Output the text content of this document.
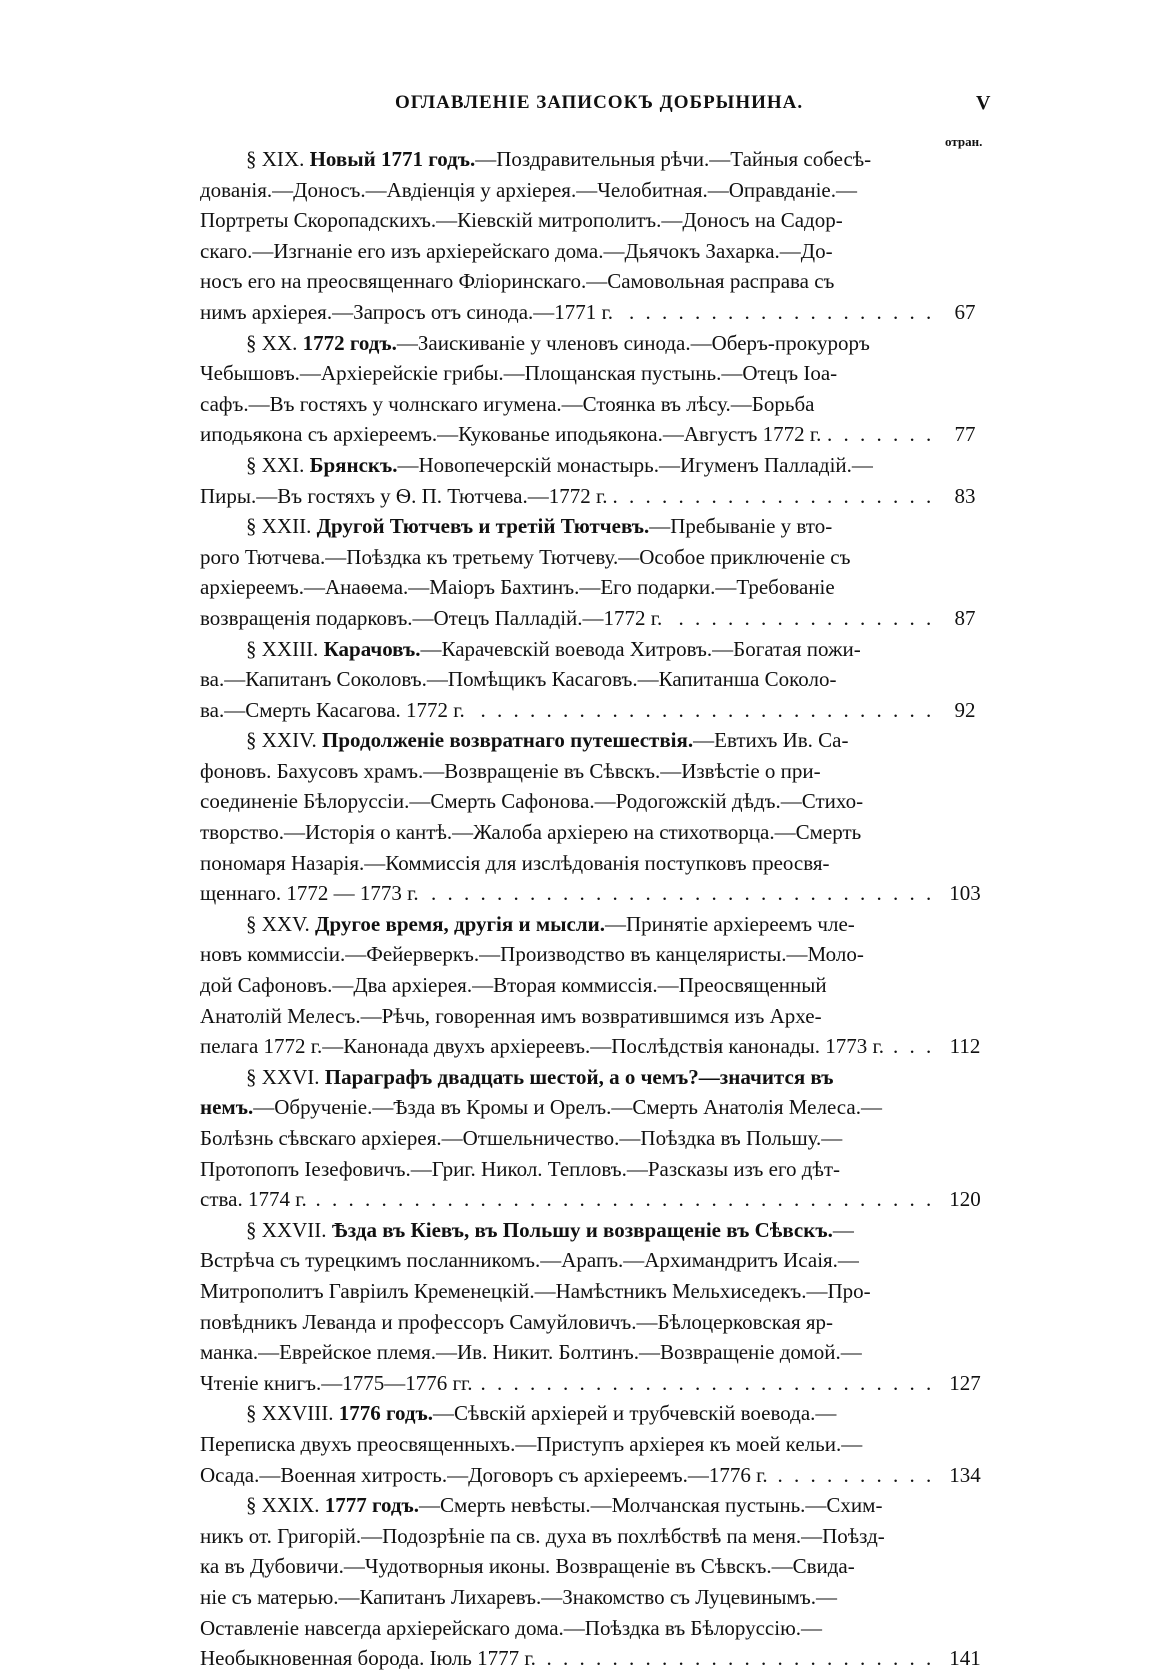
ОГЛАВЛЕНІЕ ЗАПИСОКЪ ДОБРЫНИНА.	V
отран.
§ XIX. Новый 1771 годъ.—Поздравительныя рѣчи.—Тайныя собесѣ-
дованія.—Доносъ.—Авдіенція у архіерея.—Челобитная.—Оправданіе.—
Портреты Скоропадскихъ.—Кіевскій митрополитъ.—Доносъ на Садор-
скаго.—Изгнаніе его изъ архіерейскаго дома.—Дьячокъ Захарка.—До-
носъ его на преосвященнаго Фліоринскаго.—Самовольная расправа съ
нимъ архіерея.—Запросъ отъ синода.—1771 г. . . .	67
§ XX. 1772 годъ.—Заискиваніе у членовъ синода.—Оберъ-прокуроръ
Чебышовъ.—Архіерейскіе грибы.—Площанская пустынь.—Отецъ Іоа-
сафъ.—Въ гостяхъ у чолнскаго игумена.—Стоянка въ лѣсу.—Борьба
иподьякона съ архіереемъ.—Кукованье иподьякона.—Августъ 1772 г. . . .	77
§ XXI. Брянскъ.—Новопечерскій монастырь.—Игуменъ Палладій.—
Пиры.—Въ гостяхъ у Ѳ. П. Тютчева.—1772 г. . . .	83
§ XXII. Другой Тютчевъ и третій Тютчевъ.—Пребываніе у вто-
рого Тютчева.—Поѣздка къ третьему Тютчеву.—Особое приключеніе съ
архіереемъ.—Анаѳема.—Маіоръ Бахтинъ.—Его подарки.—Требованіе
возвращенія подарковъ.—Отецъ Палладій.—1772 г. . . .	87
§ XXIII. Карачовъ.—Карачевскій воевода Хитровъ.—Богатая пожи-
ва.—Капитанъ Соколовъ.—Помѣщикъ Касаговъ.—Капитанша Соколо-
ва.—Смерть Касагова. 1772 г. . . .	92
§ XXIV. Продолженіе возвратнаго путешествія.—Евтихъ Ив. Са-
фоновъ. Бахусовъ храмъ.—Возвращеніе въ Сѣвскъ.—Извѣстіе о при-
соединеніе Бѣлоруссіи.—Смерть Сафонова.—Родогожскій дѣдъ.—Стихо-
творство.—Исторія о кантѣ.—Жалоба архіерею на стихотворца.—Смерть
пономаря Назарія.—Коммиссія для изслѣдованія поступковъ преосвя-
щеннаго. 1772 — 1773 г. . . .	103
§ XXV. Другое время, другія и мысли.—Принятіе архіереемъ чле-
новъ коммиссіи.—Фейерверкъ.—Производство въ канцеляристы.—Моло-
дой Сафоновъ.—Два архіерея.—Вторая коммиссія.—Преосвященный
Анатолій Мелесъ.—Рѣчь, говоренная имъ возвратившимся изъ Архе-
пелага 1772 г.—Канонада двухъ архіереевъ.—Послѣдствія канонады. 1773 г. . . .	112
§ XXVI. Параграфъ двадцать шестой, а о чемъ?—значится въ
немъ.—Обрученіе.—Ѣзда въ Кромы и Орелъ.—Смерть Анатолія Мелеса.—
Болѣзнь сѣвскаго архіерея.—Отшельничество.—Поѣздка въ Польшу.—
Протопопъ Іезефовичъ.—Григ. Никол. Тепловъ.—Разсказы изъ его дѣт-
ства. 1774 г. . . .	120
§ XXVII. Ѣзда въ Кіевъ, въ Польшу и возвращеніе въ Сѣвскъ.—
Встрѣча съ турецкимъ посланникомъ.—Арапъ.—Архимандритъ Исаія.—
Митрополитъ Гавріилъ Кременецкій.—Намѣстникъ Мельхиседекъ.—Про-
повѣдникъ Леванда и профессоръ Самуйловичъ.—Бѣлоцерковская яр-
манка.—Еврейское племя.—Ив. Никит. Болтинъ.—Возвращеніе домой.—
Чтеніе книгъ.—1775—1776 гг. . . .	127
§ XXVIII. 1776 годъ.—Сѣвскій архіерей и трубчевскій воевода.—
Переписка двухъ преосвященныхъ.—Приступъ архіерея къ моей кельи.—
Осада.—Военная хитрость.—Договоръ съ архіереемъ.—1776 г. . . .	134
§ XXIX. 1777 годъ.—Смерть невѣсты.—Молчанская пустынь.—Схим-
никъ от. Григорій.—Подозрѣніе па св. духа въ похлѣбствѣ па меня.—Поѣзд-
ка въ Дубовичи.—Чудотворныя иконы. Возвращеніе въ Сѣвскъ.—Свида-
ніе съ матерью.—Капитанъ Лихаревъ.—Знакомство съ Луцевинымъ.—
Оставленіе навсегда архіерейскаго дома.—Поѣздка въ Бѣлоруссію.—
Необыкновенная борода. Іюль 1777 г. . . .	141
